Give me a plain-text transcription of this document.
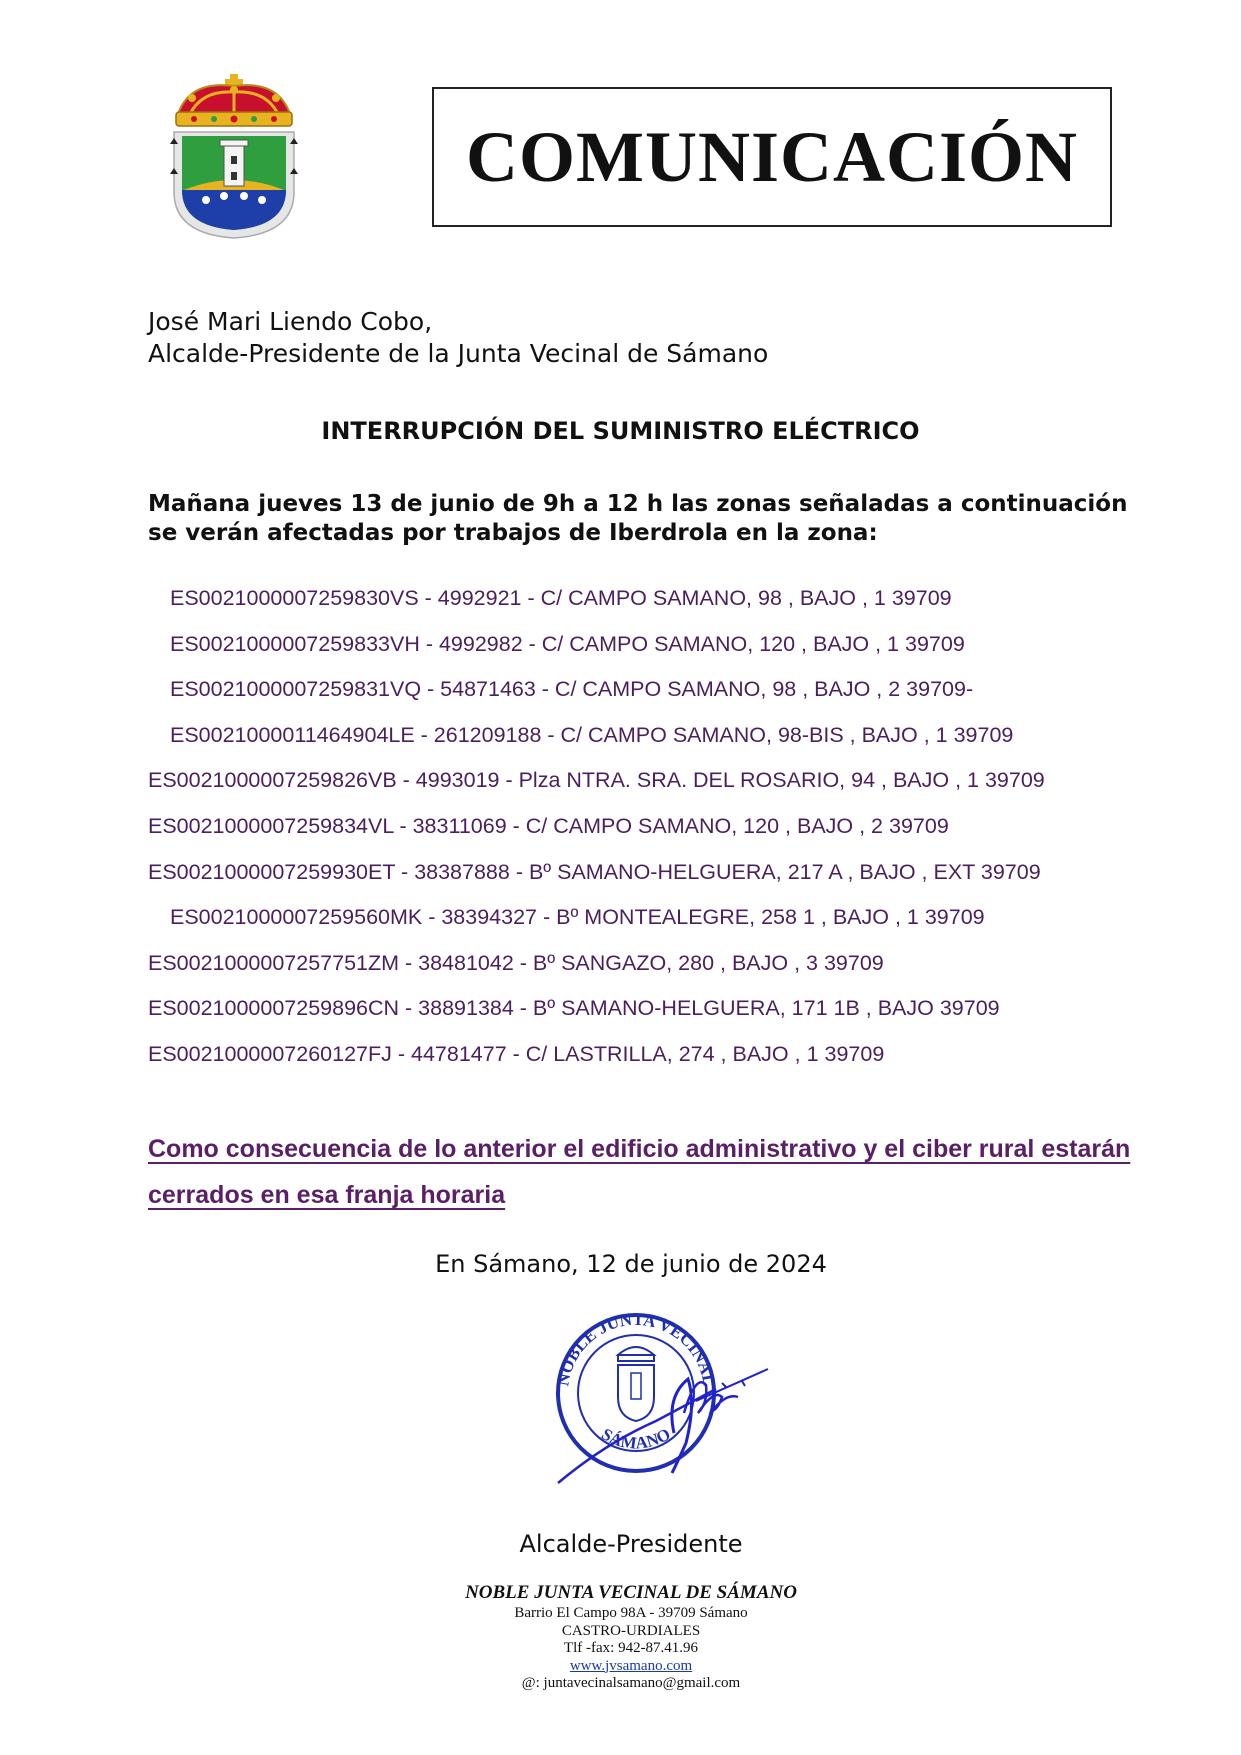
COMUNICACIÓN
José Mari Liendo Cobo,
Alcalde-Presidente de la Junta Vecinal de Sámano
INTERRUPCIÓN DEL SUMINISTRO ELÉCTRICO
Mañana jueves 13 de junio de 9h a 12 h las zonas señaladas a continuación se verán afectadas por trabajos de Iberdrola en la zona:
ES0021000007259830VS - 4992921 - C/ CAMPO SAMANO, 98 , BAJO , 1 39709
ES0021000007259833VH - 4992982 - C/ CAMPO SAMANO, 120 , BAJO , 1 39709
ES0021000007259831VQ - 54871463 - C/ CAMPO SAMANO, 98 , BAJO , 2 39709-
ES0021000011464904LE - 261209188 - C/ CAMPO SAMANO, 98-BIS , BAJO , 1 39709
ES0021000007259826VB - 4993019 - Plza NTRA. SRA. DEL ROSARIO, 94 , BAJO , 1 39709
ES0021000007259834VL - 38311069 - C/ CAMPO SAMANO, 120 , BAJO , 2 39709
ES0021000007259930ET - 38387888 - Bº SAMANO-HELGUERA, 217 A , BAJO , EXT 39709
ES0021000007259560MK - 38394327 - Bº MONTEALEGRE, 258 1 , BAJO , 1 39709
ES0021000007257751ZM - 38481042 - Bº SANGAZO, 280 , BAJO , 3 39709
ES0021000007259896CN - 38891384 - Bº SAMANO-HELGUERA, 171 1B , BAJO 39709
ES0021000007260127FJ - 44781477 - C/ LASTRILLA, 274 , BAJO , 1 39709
Como consecuencia de lo anterior el edificio administrativo y el ciber rural estarán cerrados en esa franja horaria
En Sámano, 12 de junio de 2024
NOBLE JUNTA VECINAL
SÁMANO
Alcalde-Presidente
NOBLE JUNTA VECINAL DE SÁMANO
Barrio El Campo 98A - 39709 Sámano
CASTRO-URDIALES
Tlf -fax: 942-87.41.96
www.jvsamano.com
@: juntavecinalsamano@gmail.com
